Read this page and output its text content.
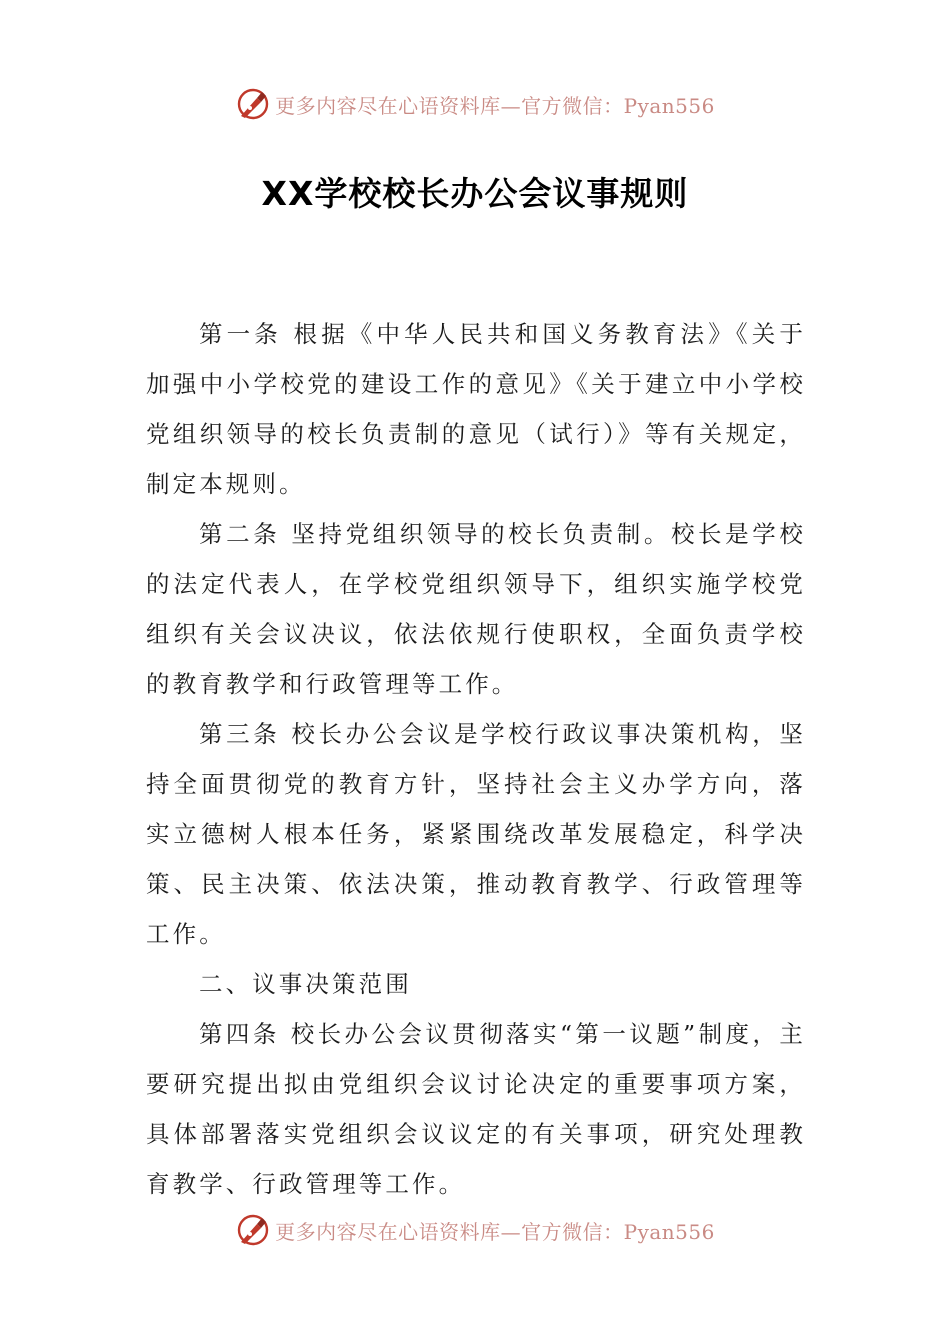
更多内容尽在心语资料库—官方微信：Pyan556
XX学校校长办公会议事规则

第一条 根据《中华人民共和国义务教育法》《关于加强中小学校党的建设工作的意见》《关于建立中小学校党组织领导的校长负责制的意见（试行）》等有关规定，制定本规则。

第二条 坚持党组织领导的校长负责制。校长是学校的法定代表人，在学校党组织领导下，组织实施学校党组织有关会议决议，依法依规行使职权，全面负责学校的教育教学和行政管理等工作。

第三条 校长办公会议是学校行政议事决策机构，坚持全面贯彻党的教育方针，坚持社会主义办学方向，落实立德树人根本任务，紧紧围绕改革发展稳定，科学决策、民主决策、依法决策，推动教育教学、行政管理等工作。

二、议事决策范围

第四条 校长办公会议贯彻落实“第一议题”制度，主要研究提出拟由党组织会议讨论决定的重要事项方案，具体部署落实党组织会议议定的有关事项，研究处理教育教学、行政管理等工作。

更多内容尽在心语资料库—官方微信：Pyan556
